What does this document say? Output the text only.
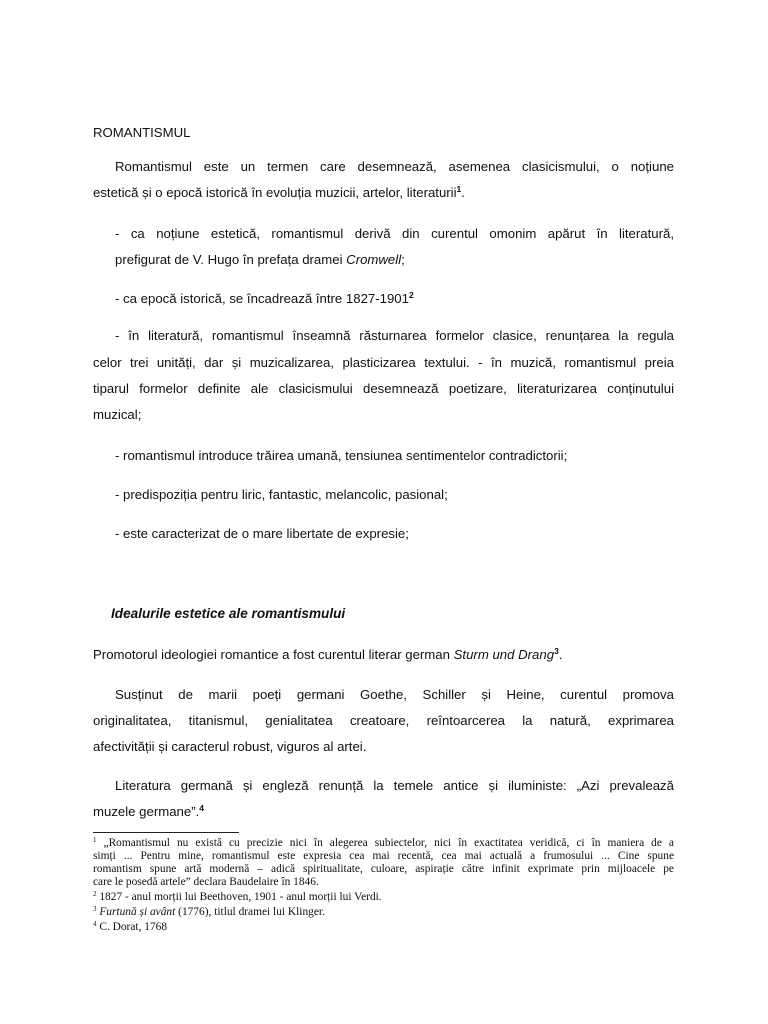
ROMANTISMUL
Romantismul este un termen care desemnează, asemenea clasicismului, o noțiune
estetică și o epocă istorică în evoluția muzicii, artelor, literaturii$^1$.
- ca noțiune estetică, romantismul derivă din curentul omonim apărut în literatură,
prefigurat de V. Hugo în prefața dramei Cromwell;
- ca epocă istorică, se încadrează între 1827-1901$^2$
- în literatură, romantismul înseamnă răsturnarea formelor clasice, renunțarea la regula
celor trei unități, dar și muzicalizarea, plasticizarea textului. - în muzică, romantismul preia
tiparul formelor definite ale clasicismului desemnează poetizare, literaturizarea conținutului
muzical;
- romantismul introduce trăirea umană, tensiunea sentimentelor contradictorii;
- predispoziția pentru liric, fantastic, melancolic, pasional;
- este caracterizat de o mare libertate de expresie;
Idealurile estetice ale romantismului
Promotorul ideologiei romantice a fost curentul literar german Sturm und Drang$^3$.
Susținut de marii poeți germani Goethe, Schiller și Heine, curentul promova
originalitatea, titanismul, genialitatea creatoare, reîntoarcerea la natură, exprimarea
afectivității și caracterul robust, viguros al artei.
Literatura germană și engleză renunță la temele antice și iluministe: „Azi prevalează
muzele germane”.$^4$
$^1$ „Romantismul nu există cu precizie nici în alegerea subiectelor, nici în exactitatea veridică, ci în maniera de a
simți ... Pentru mine, romantismul este expresia cea mai recentă, cea mai actuală a frumosului ... Cine spune
romantism spune artă modernă – adică spiritualitate, culoare, aspirație către infinit exprimate prin mijloacele pe
care le posedă artele” declara Baudelaire în 1846.
$^2$ 1827 - anul morții lui Beethoven, 1901 - anul morții lui Verdi.
$^3$ Furtună și avânt (1776), titlul dramei lui Klinger.
$^4$ C. Dorat, 1768
